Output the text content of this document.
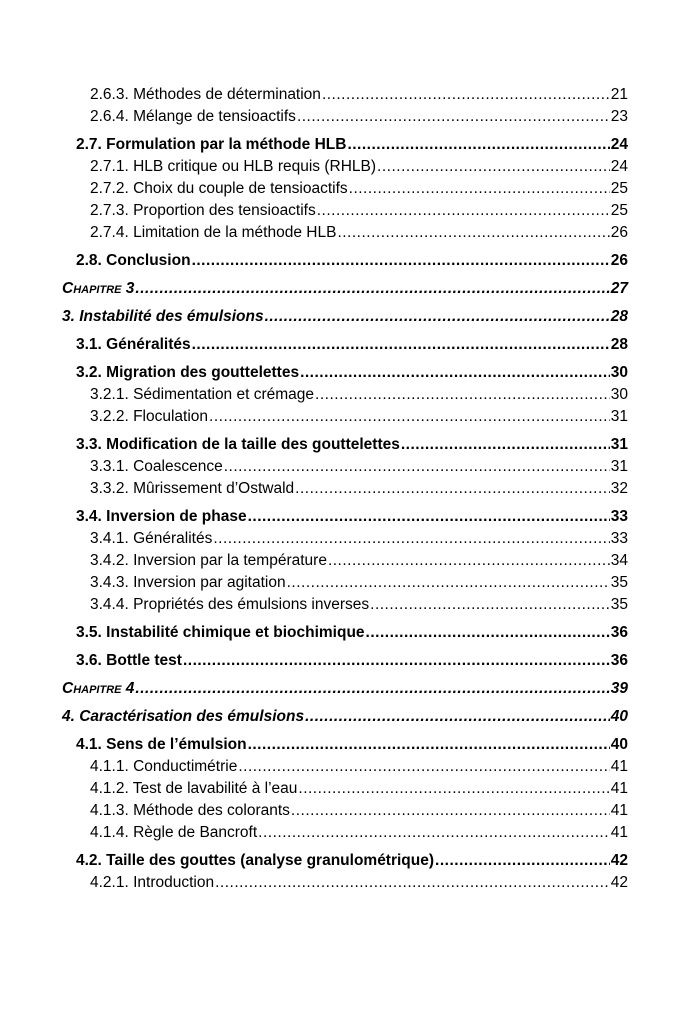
2.6.3. Méthodes de détermination .....	21
2.6.4. Mélange de tensioactifs .....	23
2.7. Formulation par la méthode HLB .....	24
2.7.1. HLB critique ou HLB requis (RHLB) .....	24
2.7.2. Choix du couple de tensioactifs .....	25
2.7.3. Proportion des tensioactifs .....	25
2.7.4. Limitation de la méthode HLB .....	26
2.8. Conclusion .....	26
Chapitre 3 .....	27
3. Instabilité des émulsions .....	28
3.1. Généralités .....	28
3.2. Migration des gouttelettes .....	30
3.2.1. Sédimentation et crémage .....	30
3.2.2. Floculation .....	31
3.3. Modification de la taille des gouttelettes .....	31
3.3.1. Coalescence .....	31
3.3.2. Mûrissement d’Ostwald .....	32
3.4. Inversion de phase .....	33
3.4.1. Généralités .....	33
3.4.2. Inversion par la température .....	34
3.4.3. Inversion par agitation .....	35
3.4.4. Propriétés des émulsions inverses .....	35
3.5. Instabilité chimique et biochimique .....	36
3.6. Bottle test .....	36
Chapitre 4 .....	39
4. Caractérisation des émulsions .....	40
4.1. Sens de l’émulsion .....	40
4.1.1. Conductimétrie .....	41
4.1.2. Test de lavabilité à l’eau .....	41
4.1.3. Méthode des colorants .....	41
4.1.4. Règle de Bancroft .....	41
4.2. Taille des gouttes (analyse granulométrique) .....	42
4.2.1. Introduction .....	42
